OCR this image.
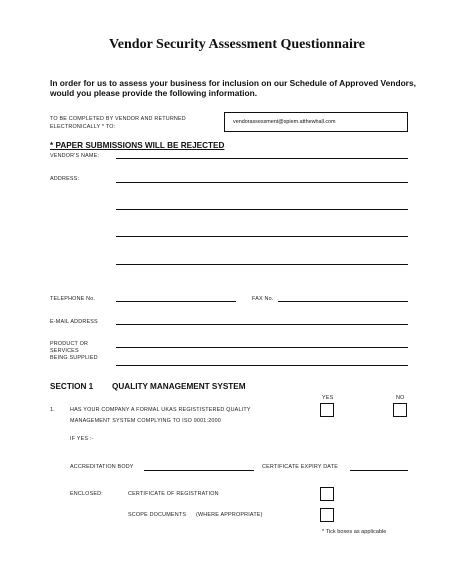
Vendor Security Assessment Questionnaire
In order for us to assess your business for inclusion on our Schedule of Approved Vendors,
would you please provide the following information.
TO BE COMPLETED BY VENDOR AND RETURNED
ELECTRONICALLY * TO:
vendorassessment@spiem.atthewhall.com
* PAPER SUBMISSIONS WILL BE REJECTED
VENDOR'S NAME:
ADDRESS:
TELEPHONE No.	FAX No.
E-MAIL ADDRESS
PRODUCT OR
SERVICES
BEING SUPPLIED
SECTION 1 QUALITY MANAGEMENT SYSTEM
YES	NO
1.	HAS YOUR COMPANY A FORMAL UKAS REGISTISTERED QUALITY
MANAGEMENT SYSTEM COMPLYING TO ISO 9001:2000
IF YES :-
ACCREDITATION BODY	CERTIFICATE EXPIRY DATE
ENCLOSED:	CERTIFICATE OF REGISTRATION
SCOPE DOCUMENTS (WHERE APPROPRIATE)
* Tick boxes as applicable
